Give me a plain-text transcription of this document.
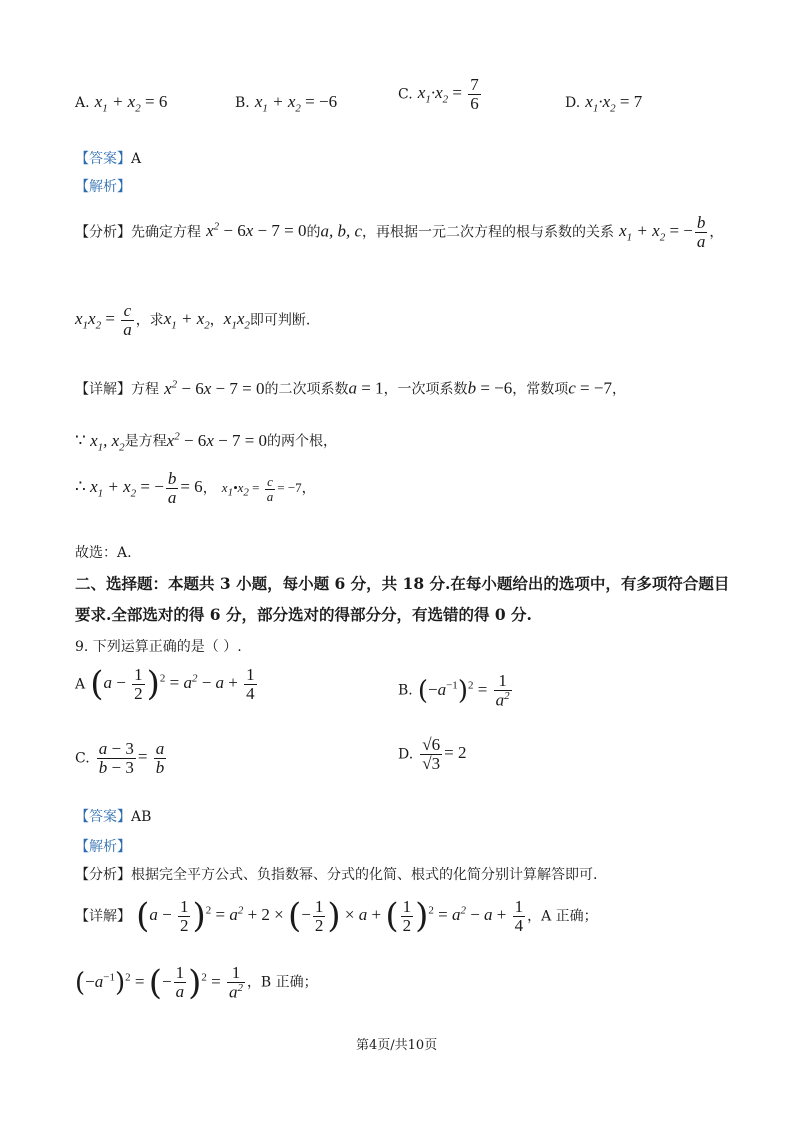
A. $x_1 + x_2 = 6$	B. $x_1 + x_2 = -6$	C. $x_1\cdot x_2 = \frac{7}{6}$	D. $x_1\cdot x_2 = 7$
【答案】A
【解析】
【分析】先确定方程 $x^2 - 6x - 7 = 0$的a, b, c，再根据一元二次方程的根与系数的关系 $x_1 + x_2$ = − $\frac{b}{a}$ ，
$x_1x_2 = \frac{c}{a}$ ，求$x_1 + x_2$，$x_1x_2$即可判断.
【详解】方程 $x^2 - 6x - 7 = 0$的二次项系数a = 1，一次项系数b = −6，常数项c = −7，
∵ $x_1$, $x_2$是方程$x^2 - 6x - 7 = 0$的两个根，
∴ $x_1 + x_2$ = − $\frac{b}{a} = 6$， $x_1•x_2 = \frac{c}{a} = -7$，
故选：A.
二、选择题：本题共 3 小题，每小题 6 分，共 18 分.在每小题给出的选项中，有多项符合题目
要求.全部选对的得 6 分，部分选对的得部分分，有选错的得 0 分.
9. 下列运算正确的是（ ）.
A $(a - \frac{1}{2} )^2 = a^2 - a + \frac{1}{4}$	B. $(-a^{-1})^2 = \frac{1}{a^2}$
C. $\frac{a - 3}{b - 3} = \frac{a}{b}$	D. $\frac{√6}{√3} = 2$
【答案】AB
【解析】
【分析】根据完全平方公式、负指数幂、分式的化简、根式的化简分别计算解答即可.
【详解】 $(a - \frac{1}{2} )^2 = a^2 + 2$ × (− $\frac{1}{2}$ ) × a + ( $\frac{1}{2} )^2 = a^2 - a + \frac{1}{4}$ ，A 正确；
$(-a^{-1})^2$ = (− $\frac{1}{a} )^2 = \frac{1}{a^2}$ ，B 正确；
第4页/共10页
